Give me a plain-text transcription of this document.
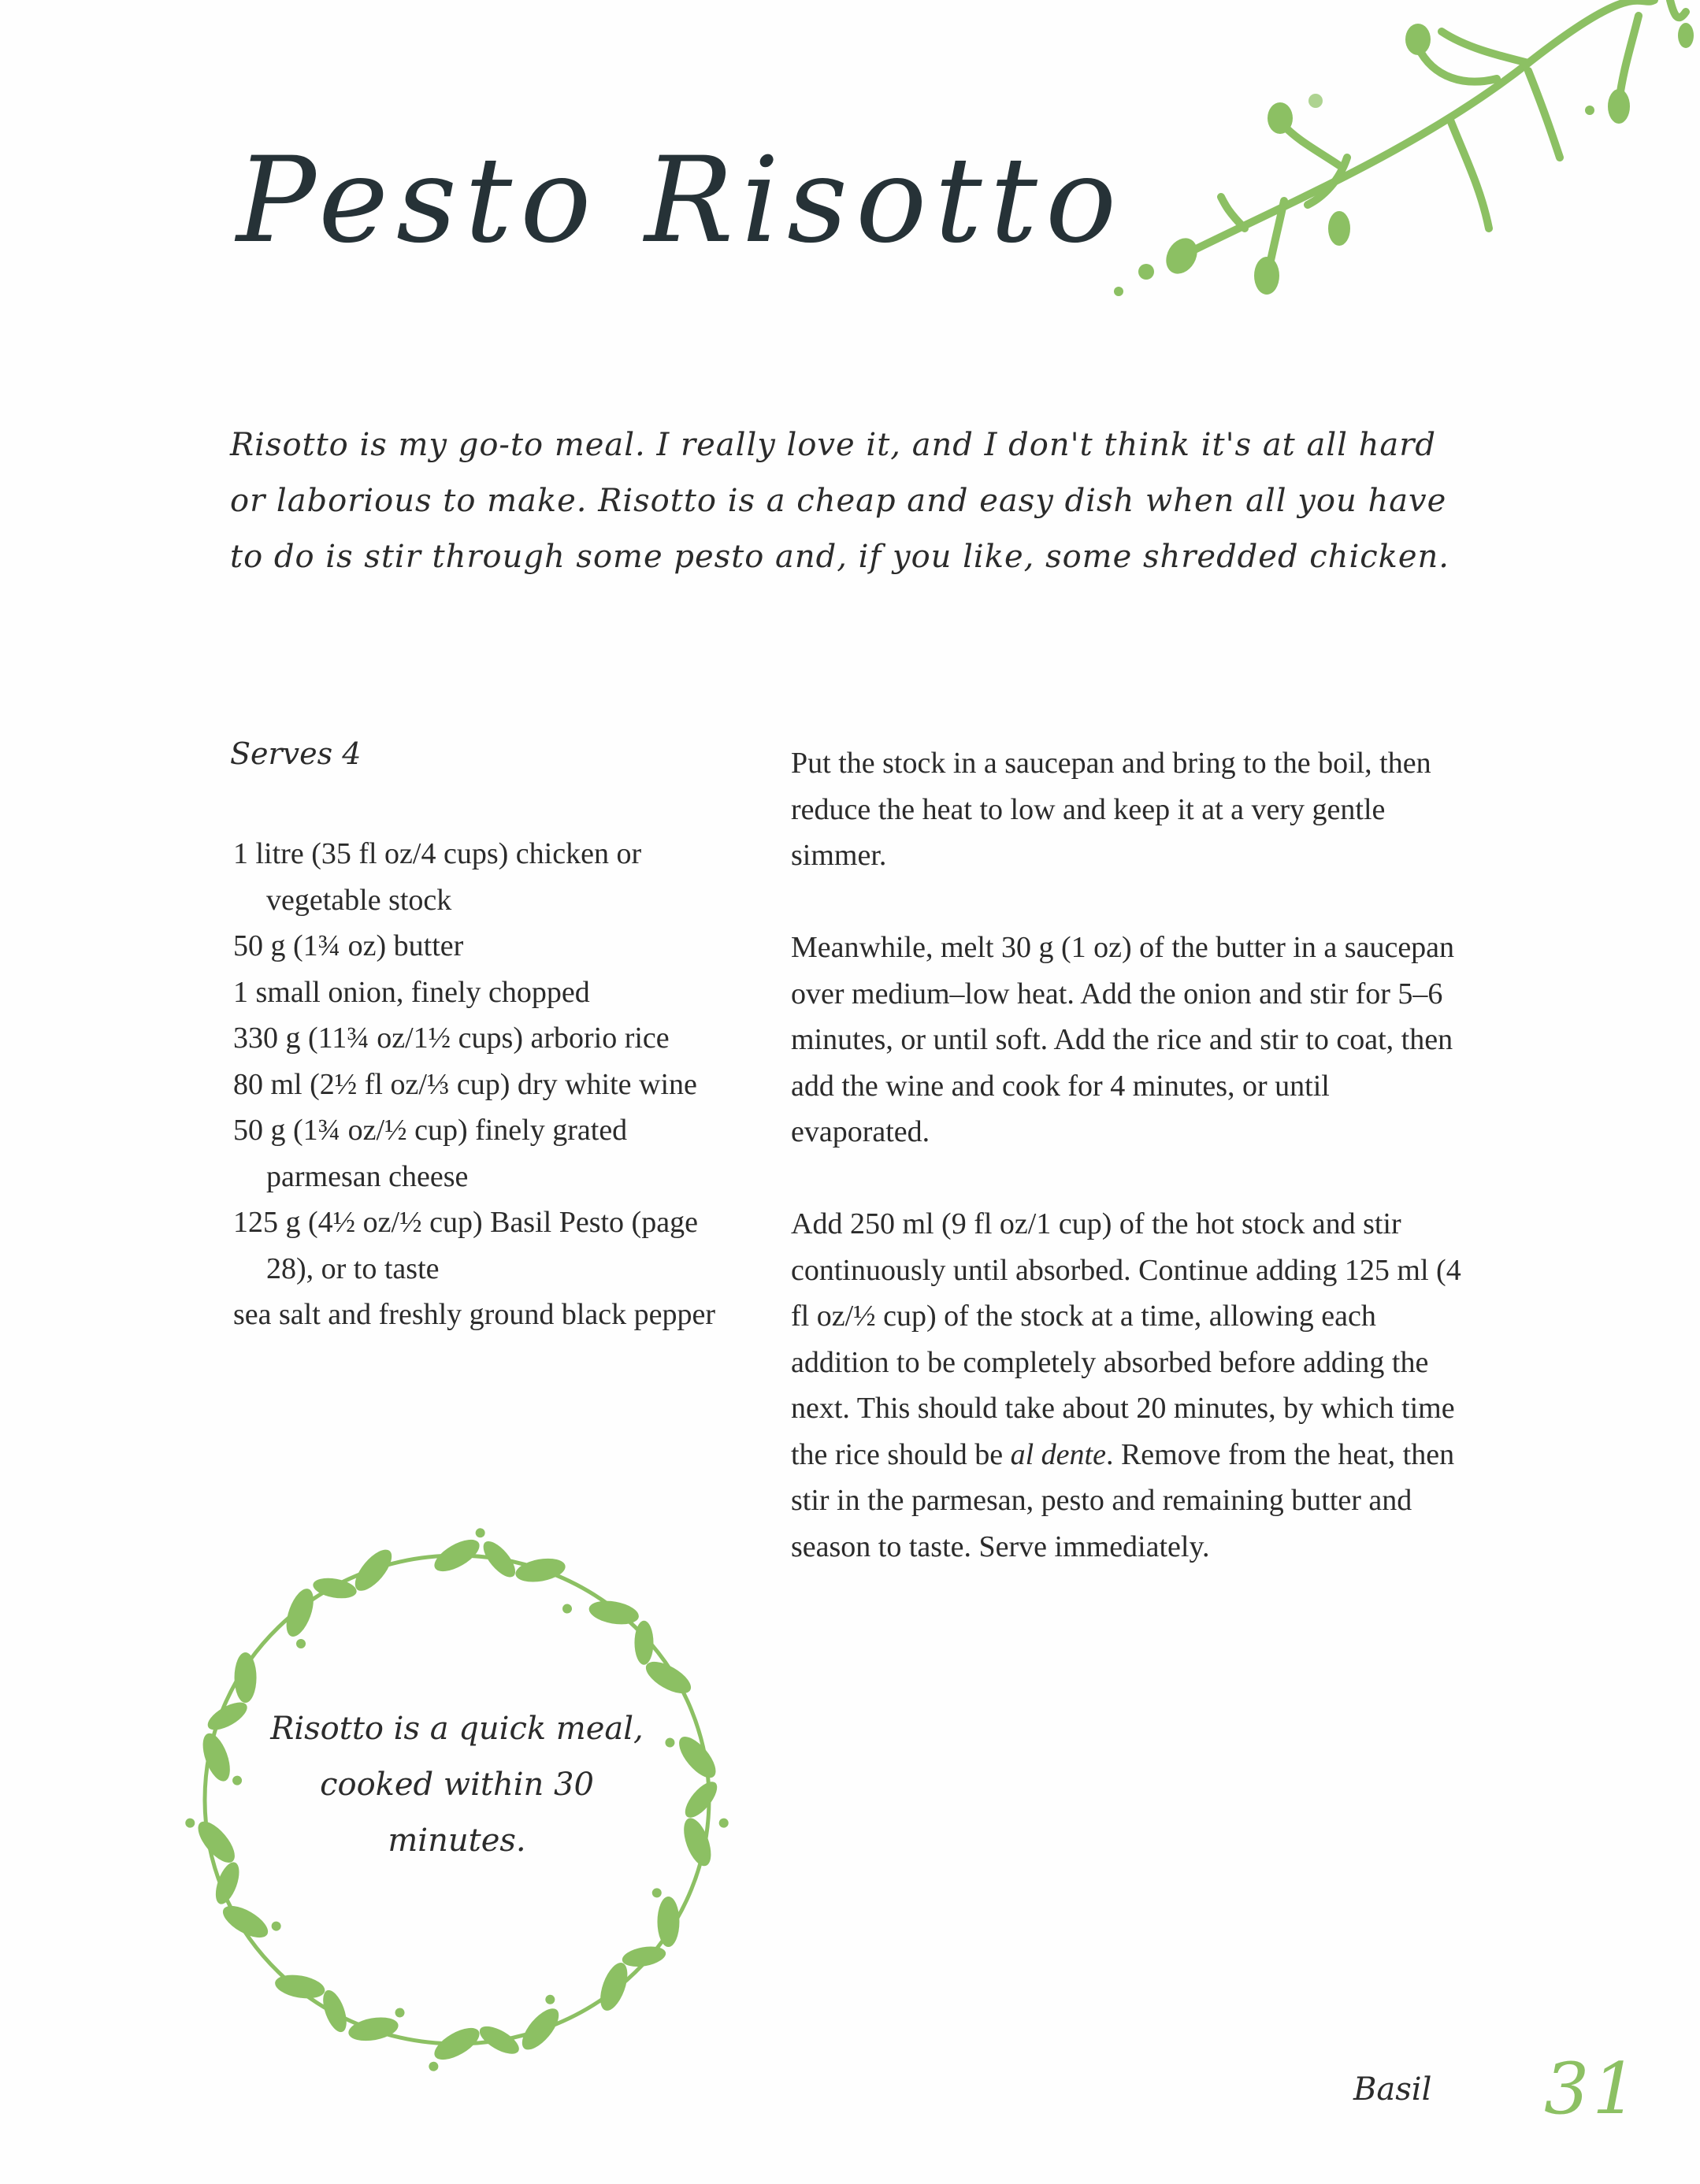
Pesto Risotto

Risotto is my go-to meal. I really love it, and I don't think it's at all hard or laborious to make. Risotto is a cheap and easy dish when all you have to do is stir through some pesto and, if you like, some shredded chicken.

Serves 4
1 litre (35 fl oz/4 cups) chicken or vegetable stock
50 g (1¾ oz) butter
1 small onion, finely chopped
330 g (11¾ oz/1½ cups) arborio rice
80 ml (2½ fl oz/⅓ cup) dry white wine
50 g (1¾ oz/½ cup) finely grated parmesan cheese
125 g (4½ oz/½ cup) Basil Pesto (page 28), or to taste
sea salt and freshly ground black pepper

Put the stock in a saucepan and bring to the boil, then reduce the heat to low and keep it at a very gentle simmer.

Meanwhile, melt 30 g (1 oz) of the butter in a saucepan over medium–low heat. Add the onion and stir for 5–6 minutes, or until soft. Add the rice and stir to coat, then add the wine and cook for 4 minutes, or until evaporated.

Add 250 ml (9 fl oz/1 cup) of the hot stock and stir continuously until absorbed. Continue adding 125 ml (4 fl oz/½ cup) of the stock at a time, allowing each addition to be completely absorbed before adding the next. This should take about 20 minutes, by which time the rice should be al dente. Remove from the heat, then stir in the parmesan, pesto and remaining butter and season to taste. Serve immediately.

Risotto is a quick meal, cooked within 30 minutes.

Basil 31
